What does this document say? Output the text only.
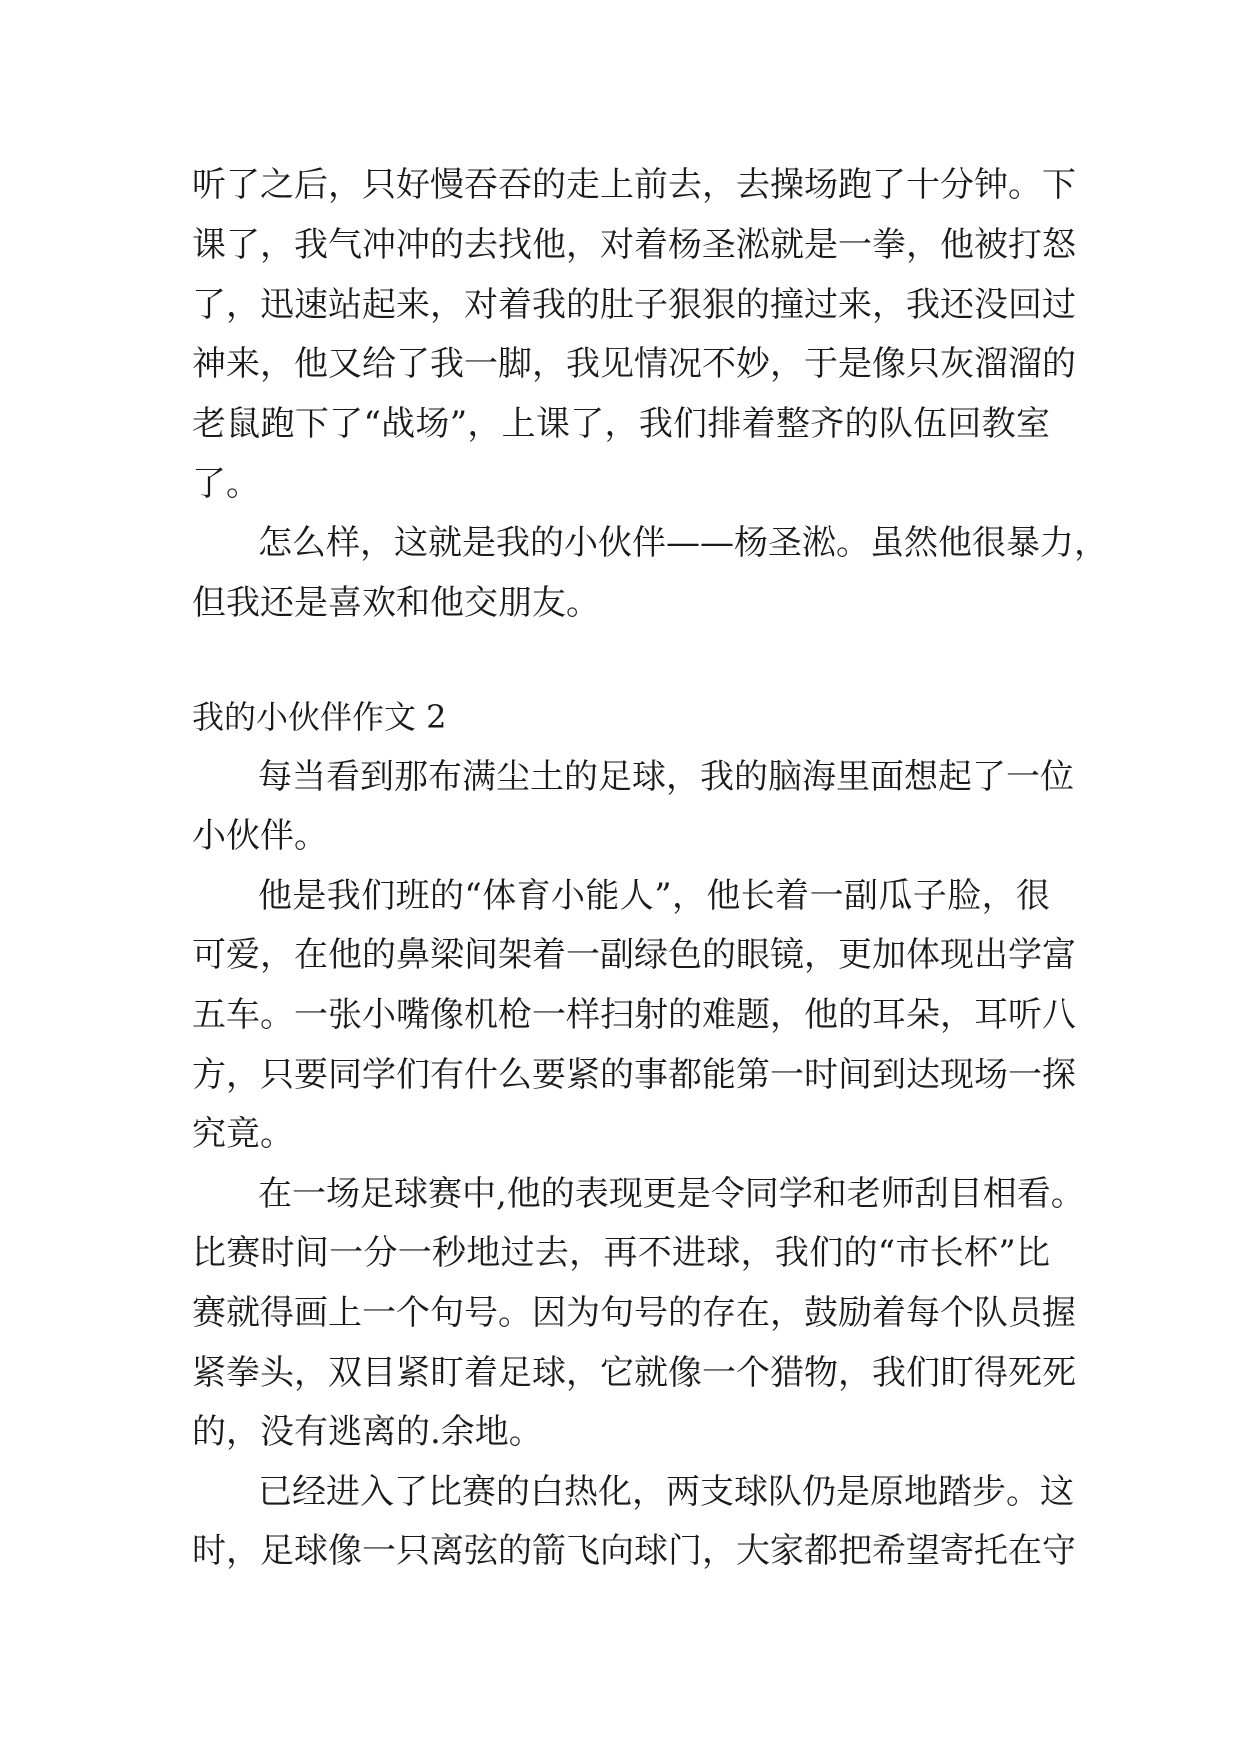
听了之后，只好慢吞吞的走上前去，去操场跑了十分钟。下
课了，我气冲冲的去找他，对着杨圣淞就是一拳，他被打怒
了，迅速站起来，对着我的肚子狠狠的撞过来，我还没回过
神来，他又给了我一脚，我见情况不妙，于是像只灰溜溜的
老鼠跑下了“战场”，上课了，我们排着整齐的队伍回教室
了。
怎么样，这就是我的小伙伴——杨圣淞。虽然他很暴力，
但我还是喜欢和他交朋友。
我的小伙伴作文 2
每当看到那布满尘土的足球，我的脑海里面想起了一位
小伙伴。
他是我们班的“体育小能人”，他长着一副瓜子脸，很
可爱，在他的鼻梁间架着一副绿色的眼镜，更加体现出学富
五车。一张小嘴像机枪一样扫射的难题，他的耳朵，耳听八
方，只要同学们有什么要紧的事都能第一时间到达现场一探
究竟。
在一场足球赛中,他的表现更是令同学和老师刮目相看。
比赛时间一分一秒地过去，再不进球，我们的“市长杯”比
赛就得画上一个句号。因为句号的存在，鼓励着每个队员握
紧拳头，双目紧盯着足球，它就像一个猎物，我们盯得死死
的，没有逃离的.余地。
已经进入了比赛的白热化，两支球队仍是原地踏步。这
时，足球像一只离弦的箭飞向球门，大家都把希望寄托在守
